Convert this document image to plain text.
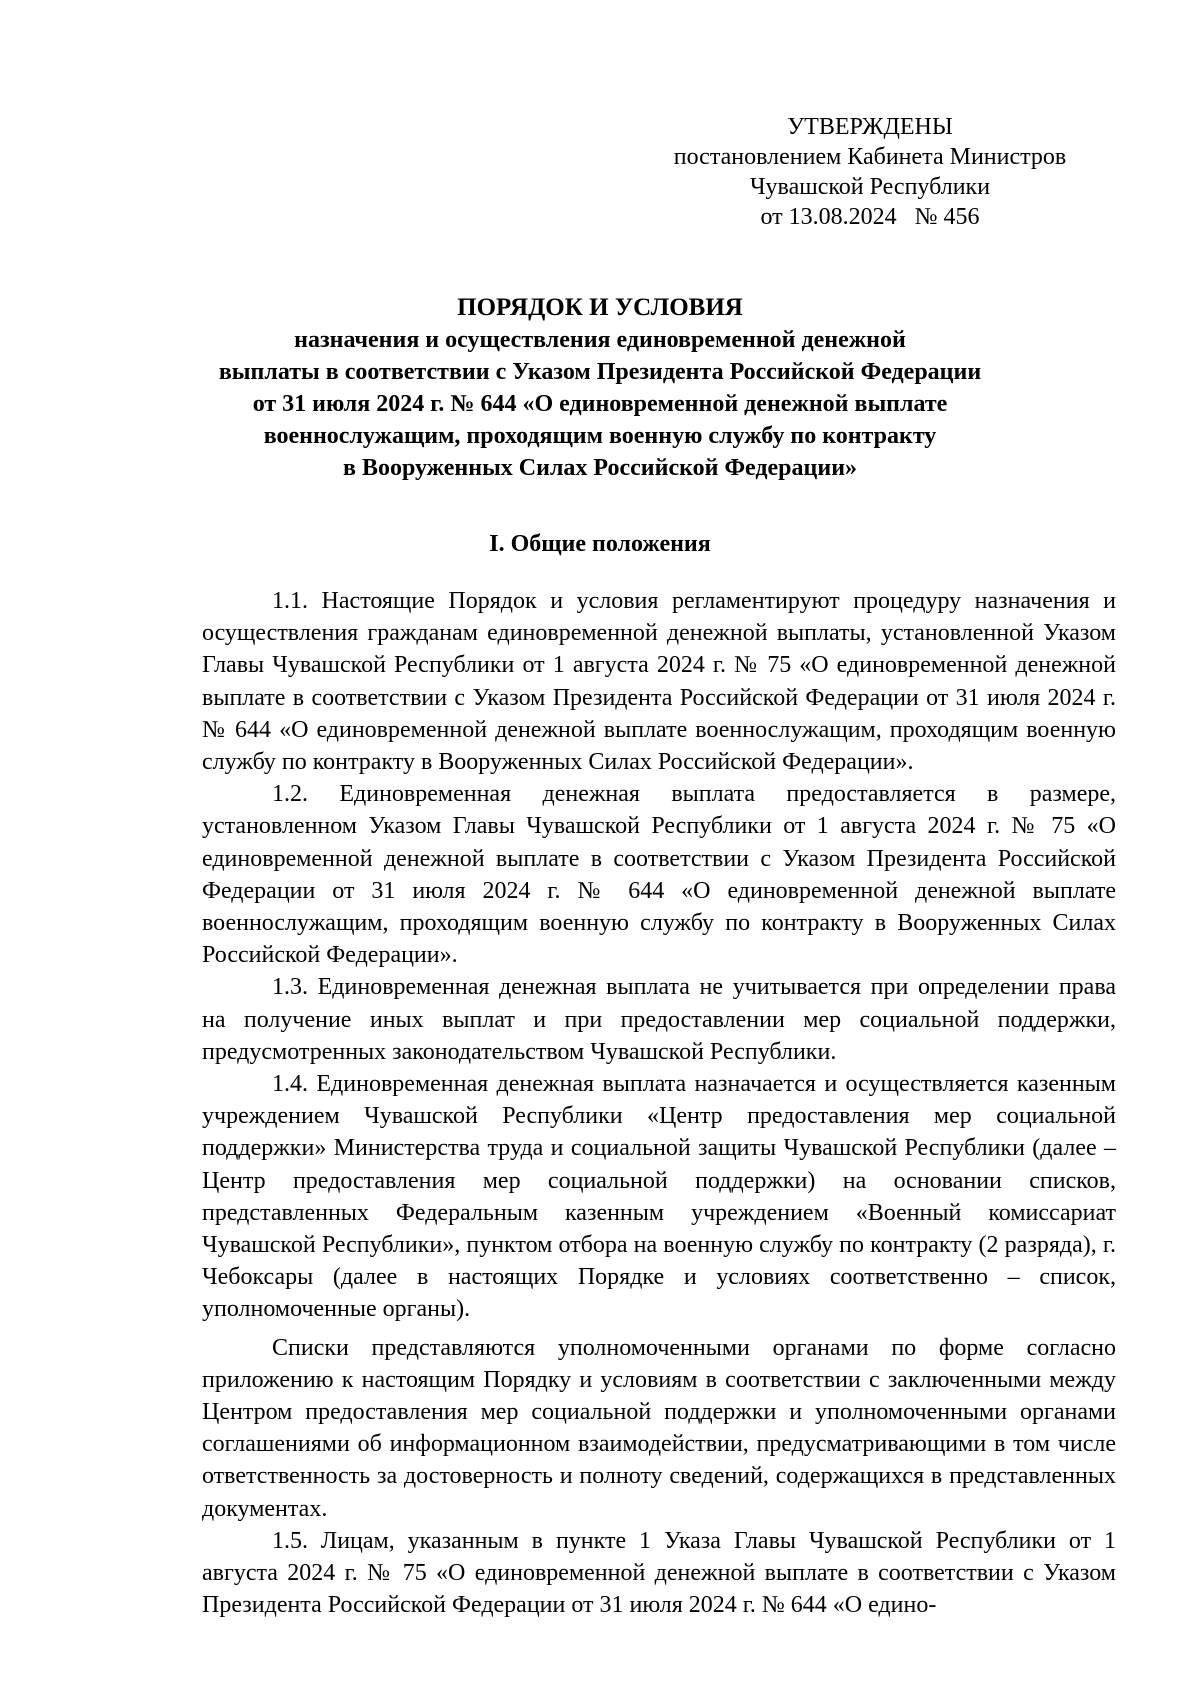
УТВЕРЖДЕНЫ
постановлением Кабинета Министров
Чувашской Республики
от 13.08.2024   № 456
ПОРЯДОК И УСЛОВИЯ
назначения и осуществления единовременной денежной
выплаты в соответствии с Указом Президента Российской Федерации
от 31 июля 2024 г. № 644 «О единовременной денежной выплате
военнослужащим, проходящим военную службу по контракту
в Вооруженных Силах Российской Федерации»
I. Общие положения

1.1. Настоящие Порядок и условия регламентируют процедуру назначения и осуществления гражданам единовременной денежной выплаты, установленной Указом Главы Чувашской Республики от 1 августа 2024 г. № 75 «О единовременной денежной выплате в соответствии с Указом Президента Российской Федерации от 31 июля 2024 г. № 644 «О единовременной денежной выплате военнослужащим, проходящим военную службу по контракту в Вооруженных Силах Российской Федерации».

1.2. Единовременная денежная выплата предоставляется в размере, установленном Указом Главы Чувашской Республики от 1 августа 2024 г. № 75 «О единовременной денежной выплате в соответствии с Указом Президента Российской Федерации от 31 июля 2024 г. № 644 «О единовременной денежной выплате военнослужащим, проходящим военную службу по контракту в Вооруженных Силах Российской Федерации».

1.3. Единовременная денежная выплата не учитывается при определении права на получение иных выплат и при предоставлении мер социальной поддержки, предусмотренных законодательством Чувашской Республики.

1.4. Единовременная денежная выплата назначается и осуществляется казенным учреждением Чувашской Республики «Центр предоставления мер социальной поддержки» Министерства труда и социальной защиты Чувашской Республики (далее – Центр предоставления мер социальной поддержки) на основании списков, представленных Федеральным казенным учреждением «Военный комиссариат Чувашской Республики», пунктом отбора на военную службу по контракту (2 разряда), г. Чебоксары (далее в настоящих Порядке и условиях соответственно – список, уполномоченные органы).

Списки представляются уполномоченными органами по форме согласно приложению к настоящим Порядку и условиям в соответствии с заключенными между Центром предоставления мер социальной поддержки и уполномоченными органами соглашениями об информационном взаимодействии, предусматривающими в том числе ответственность за достоверность и полноту сведений, содержащихся в представленных документах.

1.5. Лицам, указанным в пункте 1 Указа Главы Чувашской Республики от 1 августа 2024 г. № 75 «О единовременной денежной выплате в соответствии с Указом Президента Российской Федерации от 31 июля 2024 г. № 644 «О едино-
